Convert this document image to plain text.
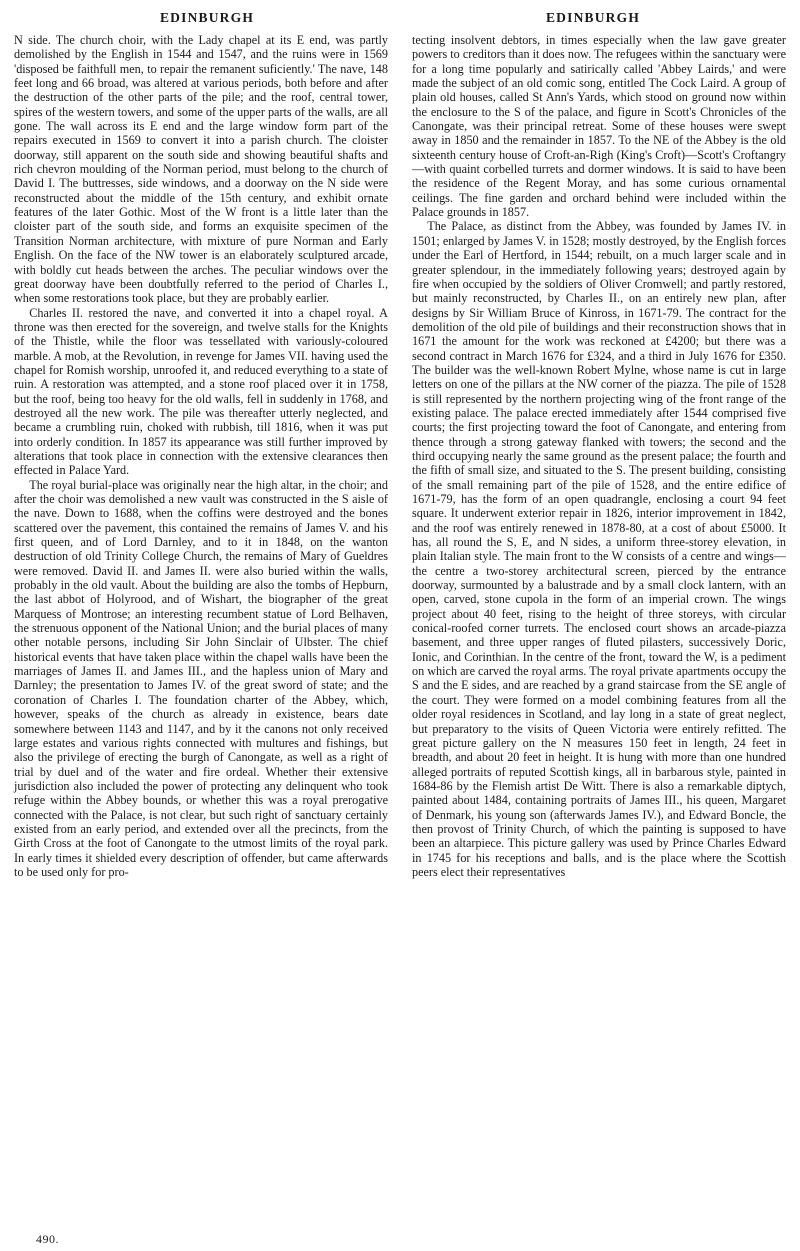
EDINBURGH	EDINBURGH

N side. The church choir, with the Lady chapel at its E end, was partly demolished by the English in 1544 and 1547, and the ruins were in 1569 'disposed be faithfull men, to repair the remanent suficiently.' The nave, 148 feet long and 66 broad, was altered at various periods, both before and after the destruction of the other parts of the pile; and the roof, central tower, spires of the western towers, and some of the upper parts of the walls, are all gone. The wall across its E end and the large window form part of the repairs executed in 1569 to convert it into a parish church. The cloister doorway, still apparent on the south side and showing beautiful shafts and rich chevron moulding of the Norman period, must belong to the church of David I. The buttresses, side windows, and a doorway on the N side were reconstructed about the middle of the 15th century, and exhibit ornate features of the later Gothic. Most of the W front is a little later than the cloister part of the south side, and forms an exquisite specimen of the Transition Norman architecture, with mixture of pure Norman and Early English. On the face of the NW tower is an elaborately sculptured arcade, with boldly cut heads between the arches. The peculiar windows over the great doorway have been doubtfully referred to the period of Charles I., when some restorations took place, but they are probably earlier.

Charles II. restored the nave, and converted it into a chapel royal. A throne was then erected for the sovereign, and twelve stalls for the Knights of the Thistle, while the floor was tessellated with variously-coloured marble. A mob, at the Revolution, in revenge for James VII. having used the chapel for Romish worship, unroofed it, and reduced everything to a state of ruin. A restoration was attempted, and a stone roof placed over it in 1758, but the roof, being too heavy for the old walls, fell in suddenly in 1768, and destroyed all the new work. The pile was thereafter utterly neglected, and became a crumbling ruin, choked with rubbish, till 1816, when it was put into orderly condition. In 1857 its appearance was still further improved by alterations that took place in connection with the extensive clearances then effected in Palace Yard.

The royal burial-place was originally near the high altar, in the choir; and after the choir was demolished a new vault was constructed in the S aisle of the nave. Down to 1688, when the coffins were destroyed and the bones scattered over the pavement, this contained the remains of James V. and his first queen, and of Lord Darnley, and to it in 1848, on the wanton destruction of old Trinity College Church, the remains of Mary of Gueldres were removed. David II. and James II. were also buried within the walls, probably in the old vault. About the building are also the tombs of Hepburn, the last abbot of Holyrood, and of Wishart, the biographer of the great Marquess of Montrose; an interesting recumbent statue of Lord Belhaven, the strenuous opponent of the National Union; and the burial places of many other notable persons, including Sir John Sinclair of Ulbster. The chief historical events that have taken place within the chapel walls have been the marriages of James II. and James III., and the hapless union of Mary and Darnley; the presentation to James IV. of the great sword of state; and the coronation of Charles I. The foundation charter of the Abbey, which, however, speaks of the church as already in existence, bears date somewhere between 1143 and 1147, and by it the canons not only received large estates and various rights connected with multures and fishings, but also the privilege of erecting the burgh of Canongate, as well as a right of trial by duel and of the water and fire ordeal. Whether their extensive jurisdiction also included the power of protecting any delinquent who took refuge within the Abbey bounds, or whether this was a royal prerogative connected with the Palace, is not clear, but such right of sanctuary certainly existed from an early period, and extended over all the precincts, from the Girth Cross at the foot of Canongate to the utmost limits of the royal park. In early times it shielded every description of offender, but came afterwards to be used only for pro-

tecting insolvent debtors, in times especially when the law gave greater powers to creditors than it does now. The refugees within the sanctuary were for a long time popularly and satirically called 'Abbey Lairds,' and were made the subject of an old comic song, entitled The Cock Laird. A group of plain old houses, called St Ann's Yards, which stood on ground now within the enclosure to the S of the palace, and figure in Scott's Chronicles of the Canongate, was their principal retreat. Some of these houses were swept away in 1850 and the remainder in 1857. To the NE of the Abbey is the old sixteenth century house of Croft-an-Righ (King's Croft)—Scott's Croftangry—with quaint corbelled turrets and dormer windows. It is said to have been the residence of the Regent Moray, and has some curious ornamental ceilings. The fine garden and orchard behind were included within the Palace grounds in 1857.

The Palace, as distinct from the Abbey, was founded by James IV. in 1501; enlarged by James V. in 1528; mostly destroyed, by the English forces under the Earl of Hertford, in 1544; rebuilt, on a much larger scale and in greater splendour, in the immediately following years; destroyed again by fire when occupied by the soldiers of Oliver Cromwell; and partly restored, but mainly reconstructed, by Charles II., on an entirely new plan, after designs by Sir William Bruce of Kinross, in 1671-79. The contract for the demolition of the old pile of buildings and their reconstruction shows that in 1671 the amount for the work was reckoned at £4200; but there was a second contract in March 1676 for £324, and a third in July 1676 for £350. The builder was the well-known Robert Mylne, whose name is cut in large letters on one of the pillars at the NW corner of the piazza. The pile of 1528 is still represented by the northern projecting wing of the front range of the existing palace. The palace erected immediately after 1544 comprised five courts; the first projecting toward the foot of Canongate, and entering from thence through a strong gateway flanked with towers; the second and the third occupying nearly the same ground as the present palace; the fourth and the fifth of small size, and situated to the S. The present building, consisting of the small remaining part of the pile of 1528, and the entire edifice of 1671-79, has the form of an open quadrangle, enclosing a court 94 feet square. It underwent exterior repair in 1826, interior improvement in 1842, and the roof was entirely renewed in 1878-80, at a cost of about £5000. It has, all round the S, E, and N sides, a uniform three-storey elevation, in plain Italian style. The main front to the W consists of a centre and wings—the centre a two-storey architectural screen, pierced by the entrance doorway, surmounted by a balustrade and by a small clock lantern, with an open, carved, stone cupola in the form of an imperial crown. The wings project about 40 feet, rising to the height of three storeys, with circular conical-roofed corner turrets. The enclosed court shows an arcade-piazza basement, and three upper ranges of fluted pilasters, successively Doric, Ionic, and Corinthian. In the centre of the front, toward the W, is a pediment on which are carved the royal arms. The royal private apartments occupy the S and the E sides, and are reached by a grand staircase from the SE angle of the court. They were formed on a model combining features from all the older royal residences in Scotland, and lay long in a state of great neglect, but preparatory to the visits of Queen Victoria were entirely refitted. The great picture gallery on the N measures 150 feet in length, 24 feet in breadth, and about 20 feet in height. It is hung with more than one hundred alleged portraits of reputed Scottish kings, all in barbarous style, painted in 1684-86 by the Flemish artist De Witt. There is also a remarkable diptych, painted about 1484, containing portraits of James III., his queen, Margaret of Denmark, his young son (afterwards James IV.), and Edward Boncle, the then provost of Trinity Church, of which the painting is supposed to have been an altarpiece. This picture gallery was used by Prince Charles Edward in 1745 for his receptions and balls, and is the place where the Scottish peers elect their representatives

490.
